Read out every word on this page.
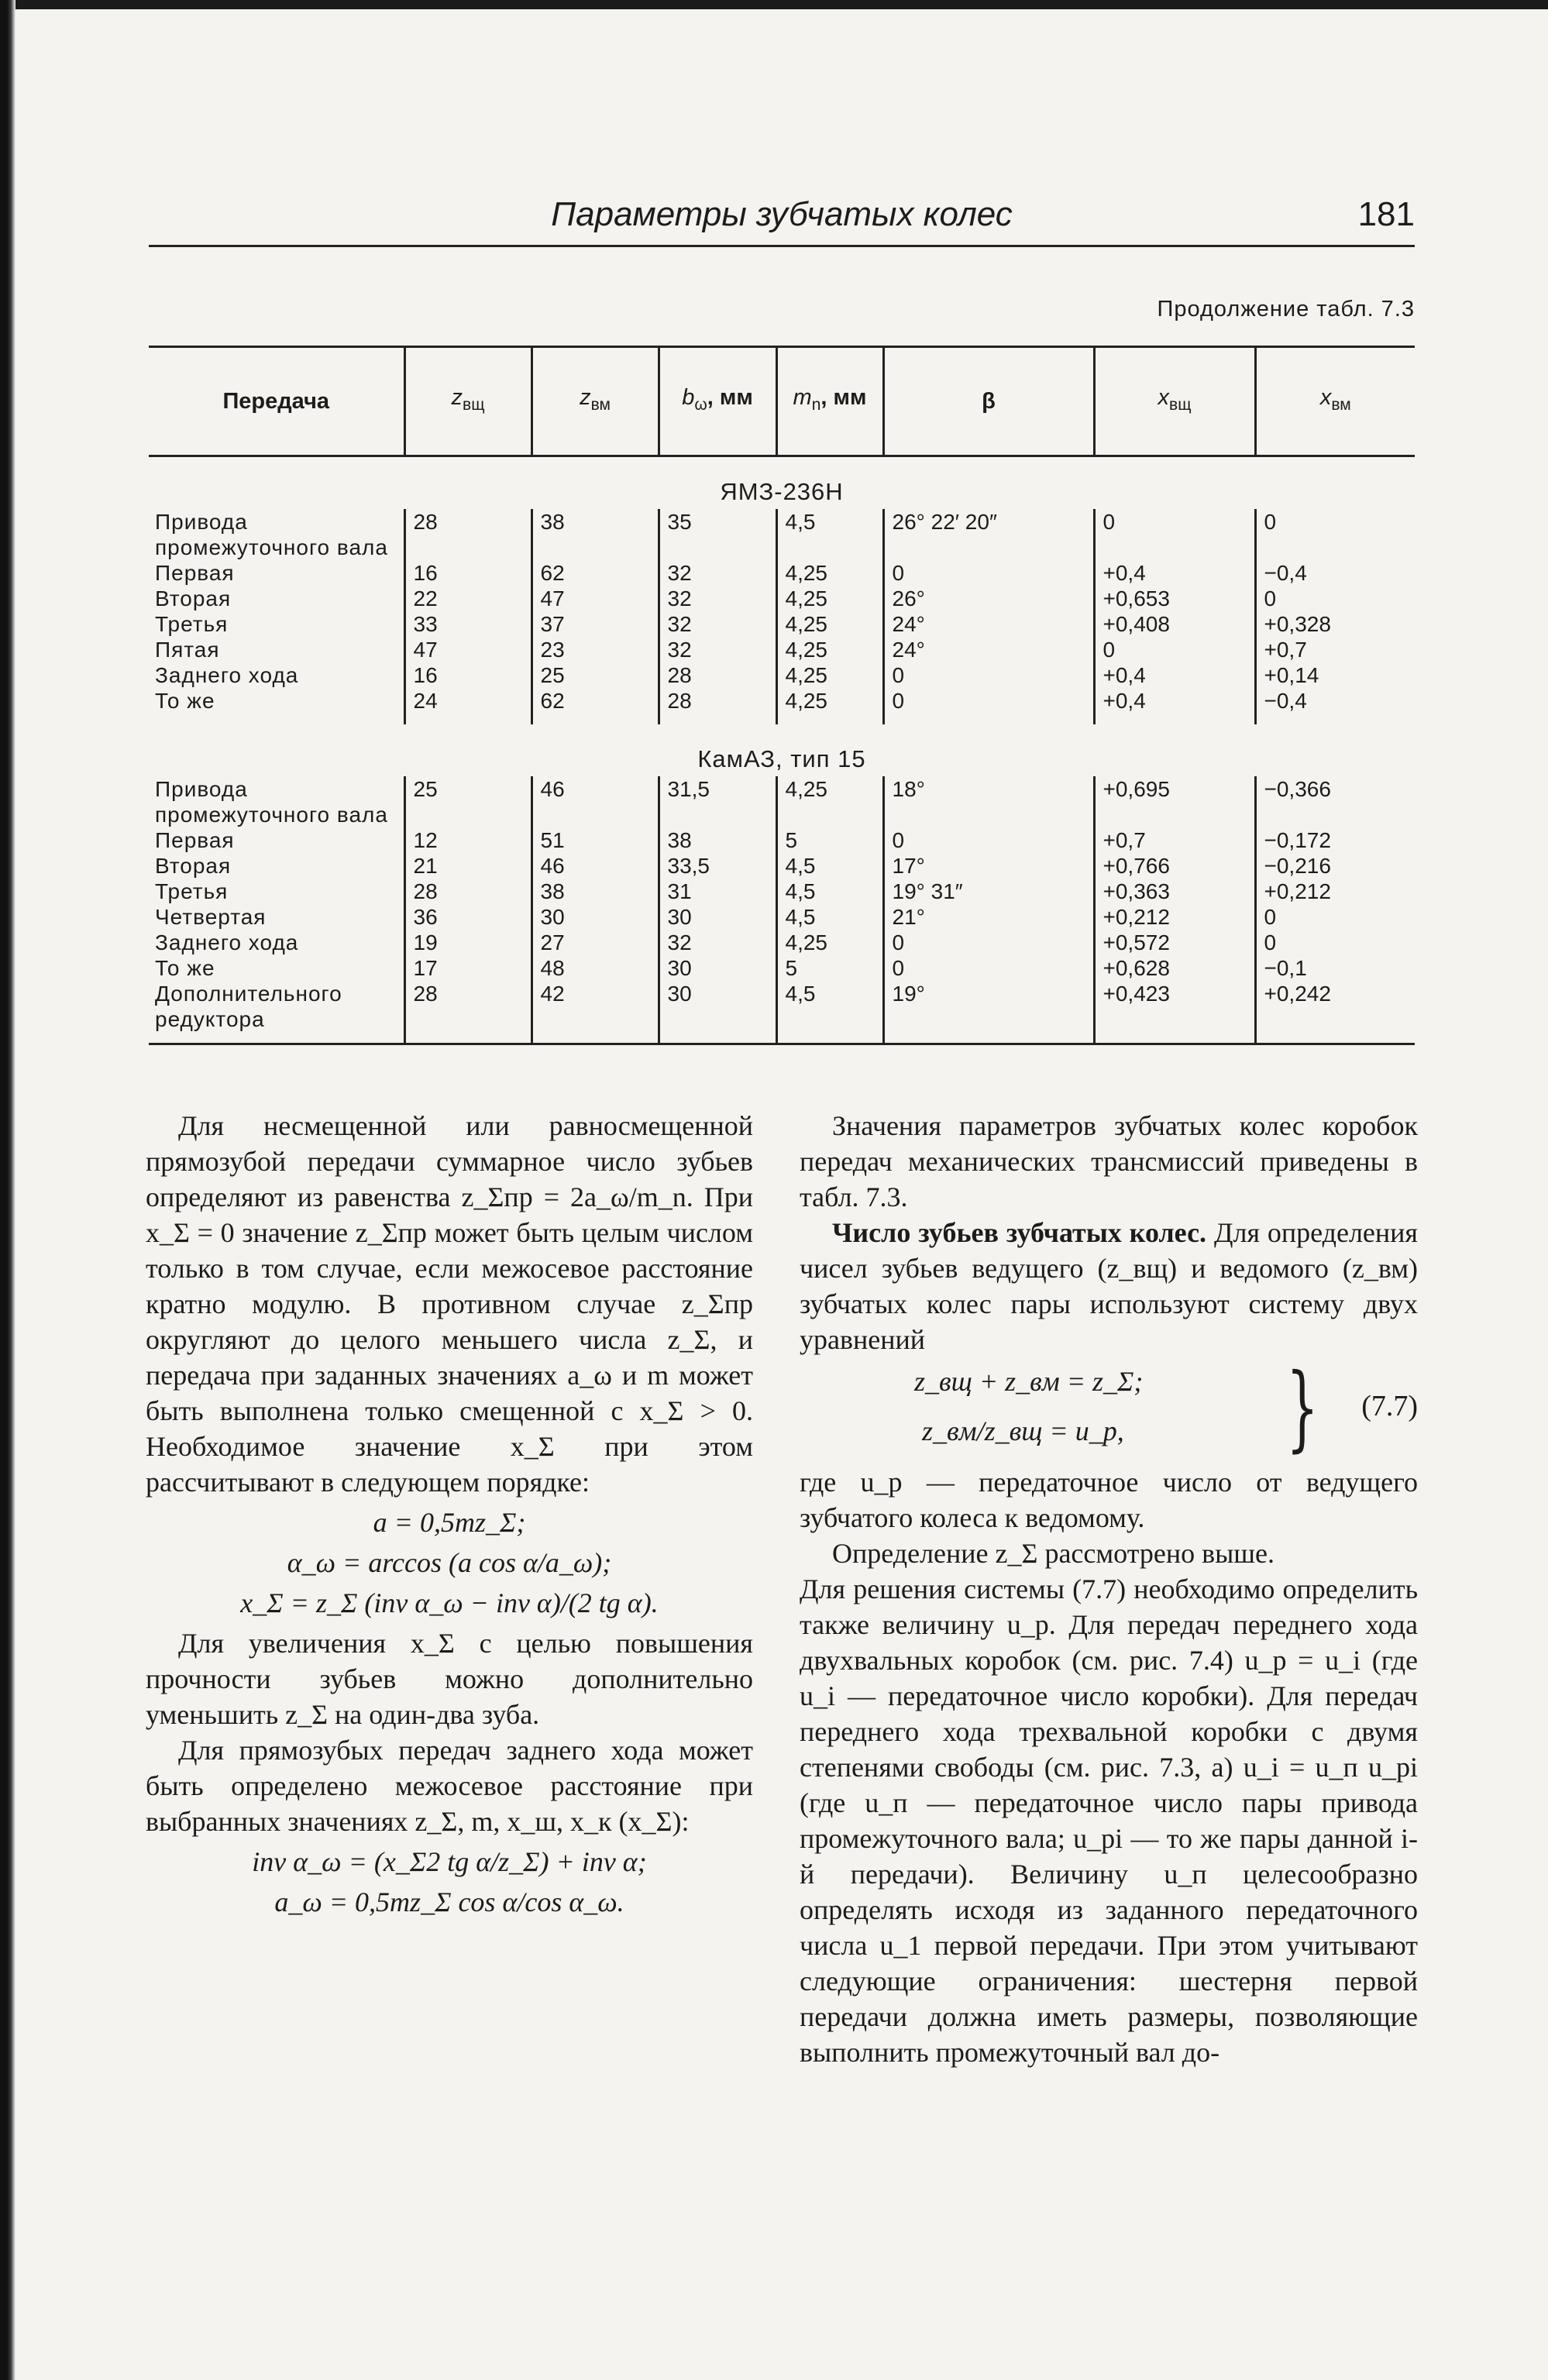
Параметры зубчатых колес	181
Продолжение табл. 7.3
Передача	$z_{вщ}$	$z_{вм}$	$b_\omega$, мм	$m_n$, мм	β	$x_{вщ}$	$x_{вм}$
ЯМЗ-236Н							
Привода промежуточного вала	28	38	35	4,5	26° 22′ 20″	0	0
Первая	16	62	32	4,25	0	+0,4	−0,4
Вторая	22	47	32	4,25	26°	+0,653	0
Третья	33	37	32	4,25	24°	+0,408	+0,328
Пятая	47	23	32	4,25	24°	0	+0,7
Заднего хода	16	25	28	4,25	0	+0,4	+0,14
То же	24	62	28	4,25	0	+0,4	−0,4
КамАЗ, тип 15							
Привода промежуточного вала	25	46	31,5	4,25	18°	+0,695	−0,366
Первая	12	51	38	5	0	+0,7	−0,172
Вторая	21	46	33,5	4,5	17°	+0,766	−0,216
Третья	28	38	31	4,5	19° 31″	+0,363	+0,212
Четвертая	36	30	30	4,5	21°	+0,212	0
Заднего хода	19	27	32	4,25	0	+0,572	0
То же	17	48	30	5	0	+0,628	−0,1
Дополнительного редуктора	28	42	30	4,5	19°	+0,423	+0,242

Для несмещенной или равносмещенной прямозубой передачи суммарное число зубьев определяют из равенства z_Σпр = 2a_ω/m_n. При x_Σ = 0 значение z_Σпр может быть целым числом только в том случае, если межосевое расстояние кратно модулю. В противном случае z_Σпр округляют до целого меньшего числа z_Σ, и передача при заданных значениях a_ω и m может быть выполнена только смещенной с x_Σ > 0. Необходимое значение x_Σ при этом рассчитывают в следующем порядке:

a = 0,5mz_Σ;
α_ω = arccos (a cos α/a_ω);
x_Σ = z_Σ (inv α_ω − inv α)/(2 tg α).

Для увеличения x_Σ с целью повышения прочности зубьев можно дополнительно уменьшить z_Σ на один-два зуба.

Для прямозубых передач заднего хода может быть определено межосевое расстояние при выбранных значениях z_Σ, m, x_ш, x_к (x_Σ):

inv α_ω = (x_Σ2 tg α/z_Σ) + inv α;
a_ω = 0,5mz_Σ cos α/cos α_ω.

Значения параметров зубчатых колес коробок передач механических трансмиссий приведены в табл. 7.3.

Число зубьев зубчатых колес. Для определения чисел зубьев ведущего (z_вщ) и ведомого (z_вм) зубчатых колес пары используют систему двух уравнений

z_вщ + z_вм = z_Σ;
z_вм/z_вщ = u_p, } (7.7)

где u_p — передаточное число от ведущего зубчатого колеса к ведомому.

Определение z_Σ рассмотрено выше.

Для решения системы (7.7) необходимо определить также величину u_p. Для передач переднего хода двухвальных коробок (см. рис. 7.4) u_p = u_i (где u_i — передаточное число коробки). Для передач переднего хода трехвальной коробки с двумя степенями свободы (см. рис. 7.3, а) u_i = u_п u_pi (где u_п — передаточное число пары привода промежуточного вала; u_pi — то же пары данной i-й передачи). Величину u_п целесообразно определять исходя из заданного передаточного числа u_1 первой передачи. При этом учитывают следующие ограничения: шестерня первой передачи должна иметь размеры, позволяющие выполнить промежуточный вал до-
